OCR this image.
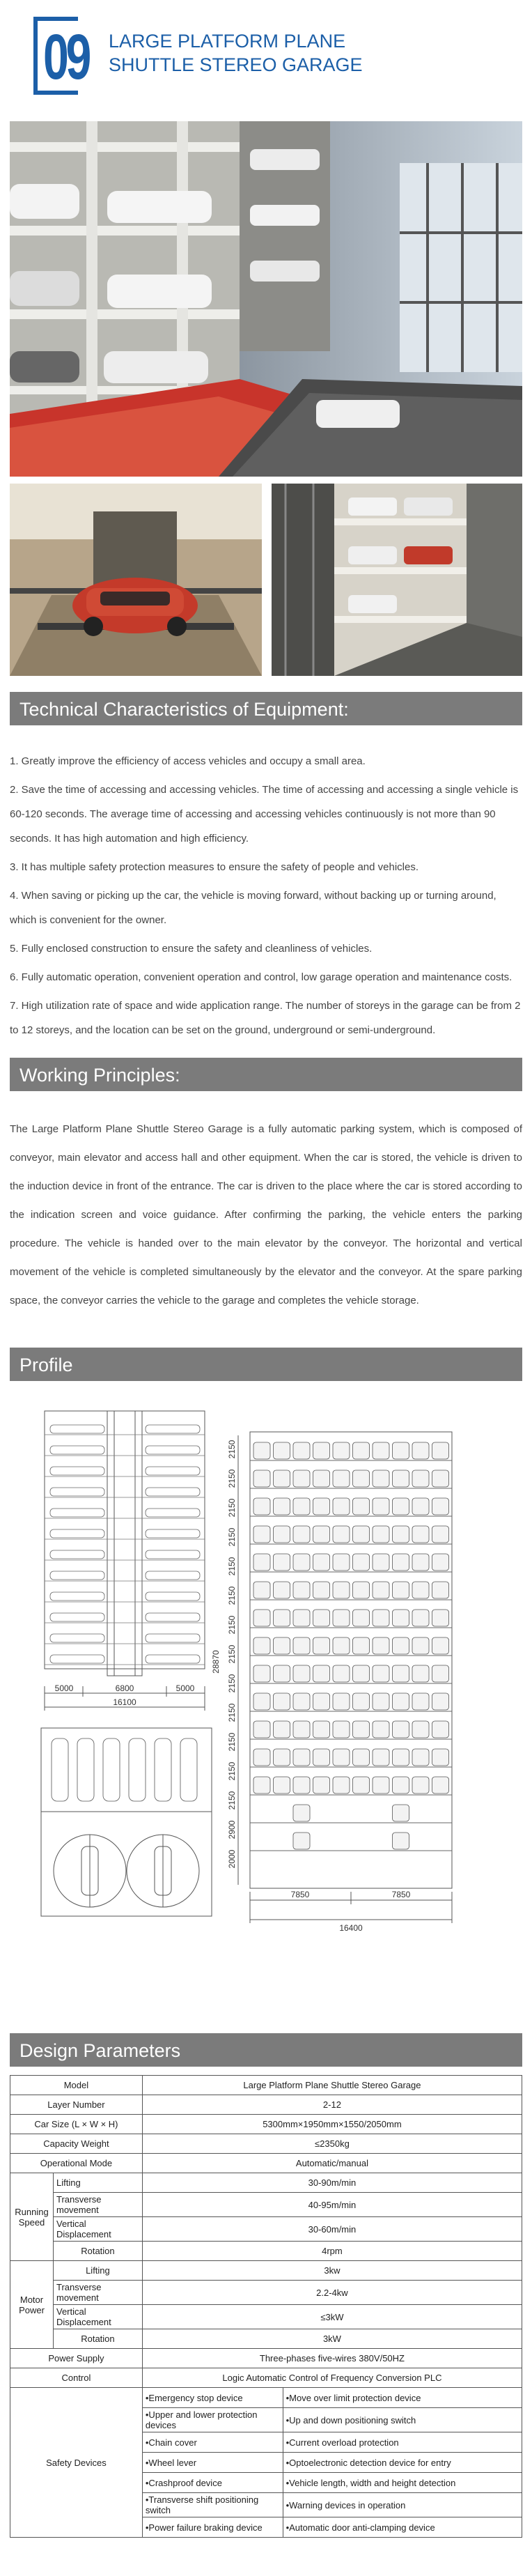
09 LARGE PLATFORM PLANE
SHUTTLE STEREO GARAGE
Technical Characteristics of Equipment:

1. Greatly improve the efficiency of access vehicles and occupy a small area.

2. Save the time of accessing and accessing vehicles. The time of accessing and accessing a single vehicle is 60-120 seconds. The average time of accessing and accessing vehicles continuously is not more than 90 seconds. It has high automation and high efficiency.

3. It has multiple safety protection measures to ensure the safety of people and vehicles.

4. When saving or picking up the car, the vehicle is moving forward, without backing up or turning around, which is convenient for the owner.

5. Fully enclosed construction to ensure the safety and cleanliness of vehicles.

6. Fully automatic operation, convenient operation and control, low garage operation and maintenance costs.

7. High utilization rate of space and wide application range. The number of storeys in the garage can be from 2 to 12 storeys, and the location can be set on the ground, underground or semi-underground.

Working Principles:

The Large Platform Plane Shuttle Stereo Garage is a fully automatic parking system, which is composed of conveyor, main elevator and access hall and other equipment. When the car is stored, the vehicle is driven to the induction device in front of the entrance. The car is driven to the place where the car is stored according to the indication screen and voice guidance. After confirming the parking, the vehicle enters the parking procedure. The vehicle is handed over to the main elevator by the conveyor. The horizontal and vertical movement of the vehicle is completed simultaneously by the elevator and the conveyor. At the spare parking space, the conveyor carries the vehicle to the garage and completes the vehicle storage.

Profile
5000	6800	5000
16100
2150
2150
2150
2150
2150
2150
2150
2150
2150
2150
2150
2150
2150
2900
2000
28870
7850	7850
16400
Design Parameters
Model		Large Platform Plane Shuttle Stereo Garage	
Layer Number		2-12	
Car Size (L × W × H)		5300mm×1950mm×1550/2050mm	
Capacity Weight		≤2350kg	
Operational Mode		Automatic/manual	
Running Speed	Lifting	30-90m/min	
	Transverse movement	40-95m/min	
	Vertical Displacement	30-60m/min	
	Rotation	4rpm	
Motor Power	Lifting	3kw	
	Transverse movement	2.2-4kw	
	Vertical Displacement	≤3kW	
	Rotation	3kW	
Power Supply		Three-phases five-wires 380V/50HZ	
Control		Logic Automatic Control of Frequency Conversion PLC	
Safety Devices		•Emergency stop device	•Move over limit protection device
		•Upper and lower protection devices	•Up and down positioning switch
		•Chain cover	•Current overload protection
		•Wheel lever	•Optoelectronic detection device for entry
		•Crashproof device	•Vehicle length, width and height detection
		•Transverse shift positioning switch	•Warning devices in operation
		•Power failure braking device	•Automatic door anti-clamping device
